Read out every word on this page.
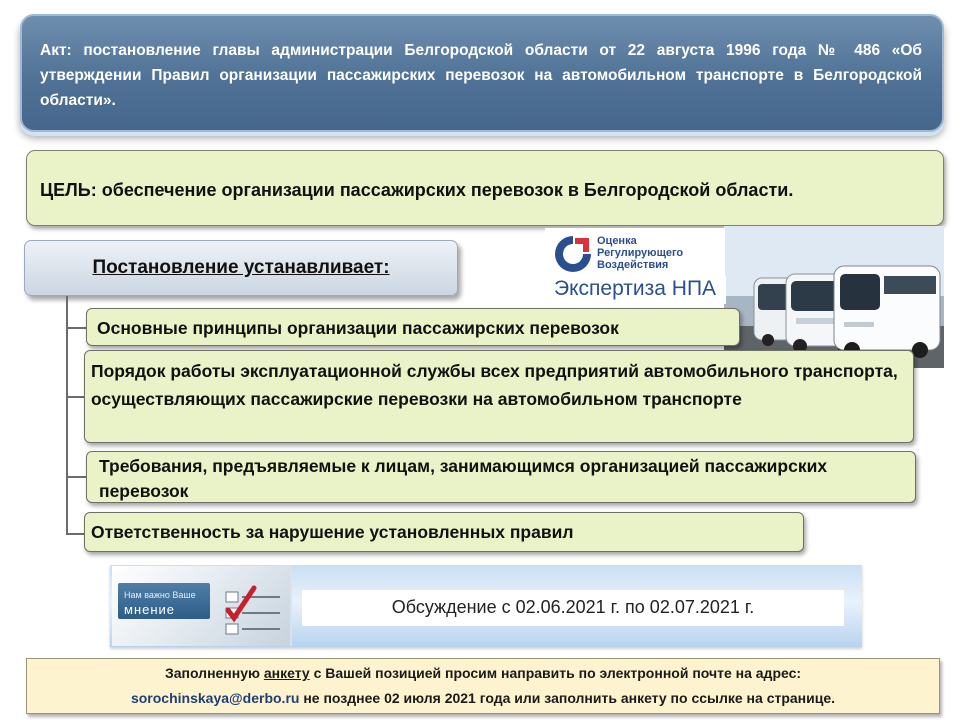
Акт: постановление главы администрации Белгородской области от 22 августа 1996 года № 486 «Об утверждении Правил организации пассажирских перевозок на автомобильном транспорте в Белгородской области».
ЦЕЛЬ: обеспечение организации пассажирских перевозок в Белгородской области.
Постановление устанавливает:
Оценка
Регулирующего
Воздействия
Экспертиза НПА
Основные принципы организации пассажирских перевозок
Порядок работы эксплуатационной службы всех предприятий автомобильного транспорта, осуществляющих пассажирские перевозки на автомобильном транспорте
Требования, предъявляемые к лицам, занимающимся организацией пассажирских перевозок
Ответственность за нарушение установленных правил
Нам важно Ваше
мнение	Обсуждение с 02.06.2021 г. по 02.07.2021 г.
Заполненную анкету с Вашей позицией просим направить по электронной почте на адрес:
sorochinskaya@derbo.ru не позднее 02 июля 2021 года или заполнить анкету по ссылке на странице.
